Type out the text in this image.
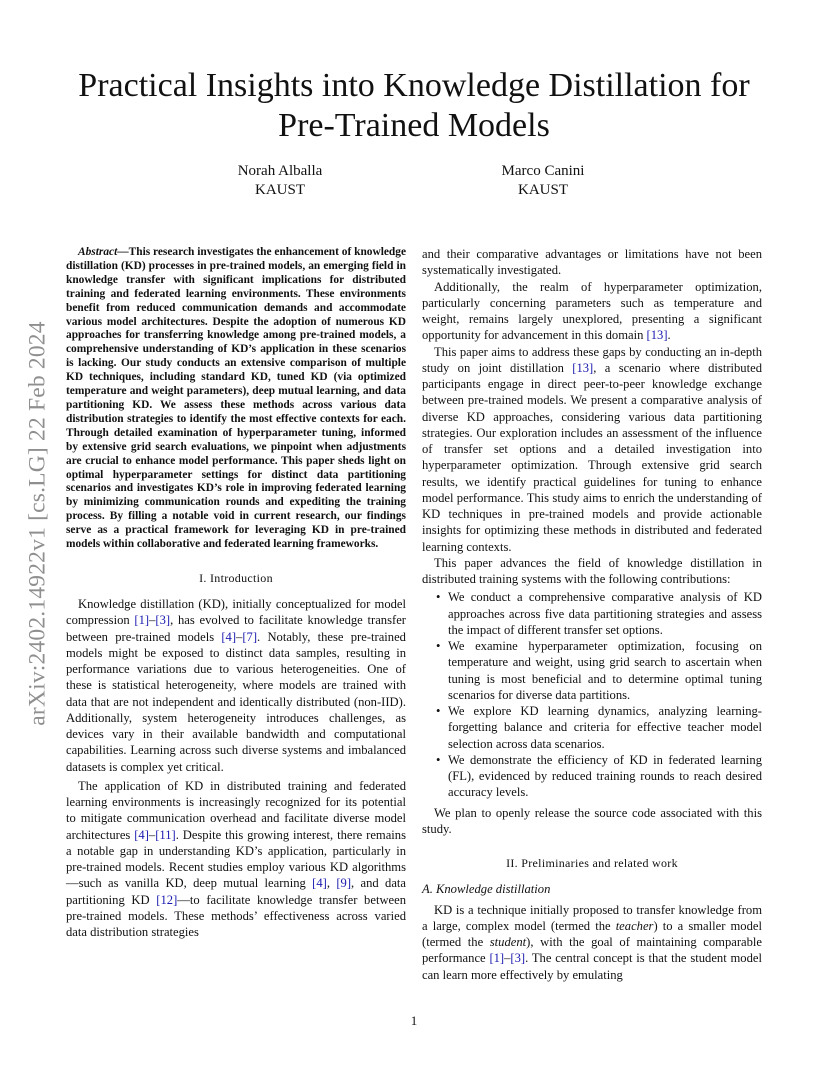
arXiv:2402.14922v1 [cs.LG] 22 Feb 2024
Practical Insights into Knowledge Distillation for Pre-Trained Models
Norah Alballa
KAUST
Marco Canini
KAUST

Abstract—This research investigates the enhancement of knowledge distillation (KD) processes in pre-trained models, an emerging field in knowledge transfer with significant implications for distributed training and federated learning environments. These environments benefit from reduced communication demands and accommodate various model architectures. Despite the adoption of numerous KD approaches for transferring knowledge among pre-trained models, a comprehensive understanding of KD’s application in these scenarios is lacking. Our study conducts an extensive comparison of multiple KD techniques, including standard KD, tuned KD (via optimized temperature and weight parameters), deep mutual learning, and data partitioning KD. We assess these methods across various data distribution strategies to identify the most effective contexts for each. Through detailed examination of hyperparameter tuning, informed by extensive grid search evaluations, we pinpoint when adjustments are crucial to enhance model performance. This paper sheds light on optimal hyperparameter settings for distinct data partitioning scenarios and investigates KD’s role in improving federated learning by minimizing communication rounds and expediting the training process. By filling a notable void in current research, our findings serve as a practical framework for leveraging KD in pre-trained models within collaborative and federated learning frameworks.

I. Introduction

Knowledge distillation (KD), initially conceptualized for model compression [1]–[3], has evolved to facilitate knowledge transfer between pre-trained models [4]–[7]. Notably, these pre-trained models might be exposed to distinct data samples, resulting in performance variations due to various heterogeneities. One of these is statistical heterogeneity, where models are trained with data that are not independent and identically distributed (non-IID). Additionally, system heterogeneity introduces challenges, as devices vary in their available bandwidth and computational capabilities. Learning across such diverse systems and imbalanced datasets is complex yet critical.

The application of KD in distributed training and federated learning environments is increasingly recognized for its potential to mitigate communication overhead and facilitate diverse model architectures [4]–[11]. Despite this growing interest, there remains a notable gap in understanding KD’s application, particularly in pre-trained models. Recent studies employ various KD algorithms—such as vanilla KD, deep mutual learning [4], [9], and data partitioning KD [12]—to facilitate knowledge transfer between pre-trained models. These methods’ effectiveness across varied data distribution strategies

and their comparative advantages or limitations have not been systematically investigated.

Additionally, the realm of hyperparameter optimization, particularly concerning parameters such as temperature and weight, remains largely unexplored, presenting a significant opportunity for advancement in this domain [13].

This paper aims to address these gaps by conducting an in-depth study on joint distillation [13], a scenario where distributed participants engage in direct peer-to-peer knowledge exchange between pre-trained models. We present a comparative analysis of diverse KD approaches, considering various data partitioning strategies. Our exploration includes an assessment of the influence of transfer set options and a detailed investigation into hyperparameter optimization. Through extensive grid search results, we identify practical guidelines for tuning to enhance model performance. This study aims to enrich the understanding of KD techniques in pre-trained models and provide actionable insights for optimizing these methods in distributed and federated learning contexts.

This paper advances the field of knowledge distillation in distributed training systems with the following contributions:

• We conduct a comprehensive comparative analysis of KD approaches across five data partitioning strategies and assess the impact of different transfer set options.
• We examine hyperparameter optimization, focusing on temperature and weight, using grid search to ascertain when tuning is most beneficial and to determine optimal tuning scenarios for diverse data partitions.
• We explore KD learning dynamics, analyzing learning-forgetting balance and criteria for effective teacher model selection across data scenarios.
• We demonstrate the efficiency of KD in federated learning (FL), evidenced by reduced training rounds to reach desired accuracy levels.

We plan to openly release the source code associated with this study.

II. Preliminaries and related work

A. Knowledge distillation

KD is a technique initially proposed to transfer knowledge from a large, complex model (termed the teacher) to a smaller model (termed the student), with the goal of maintaining comparable performance [1]–[3]. The central concept is that the student model can learn more effectively by emulating

1
